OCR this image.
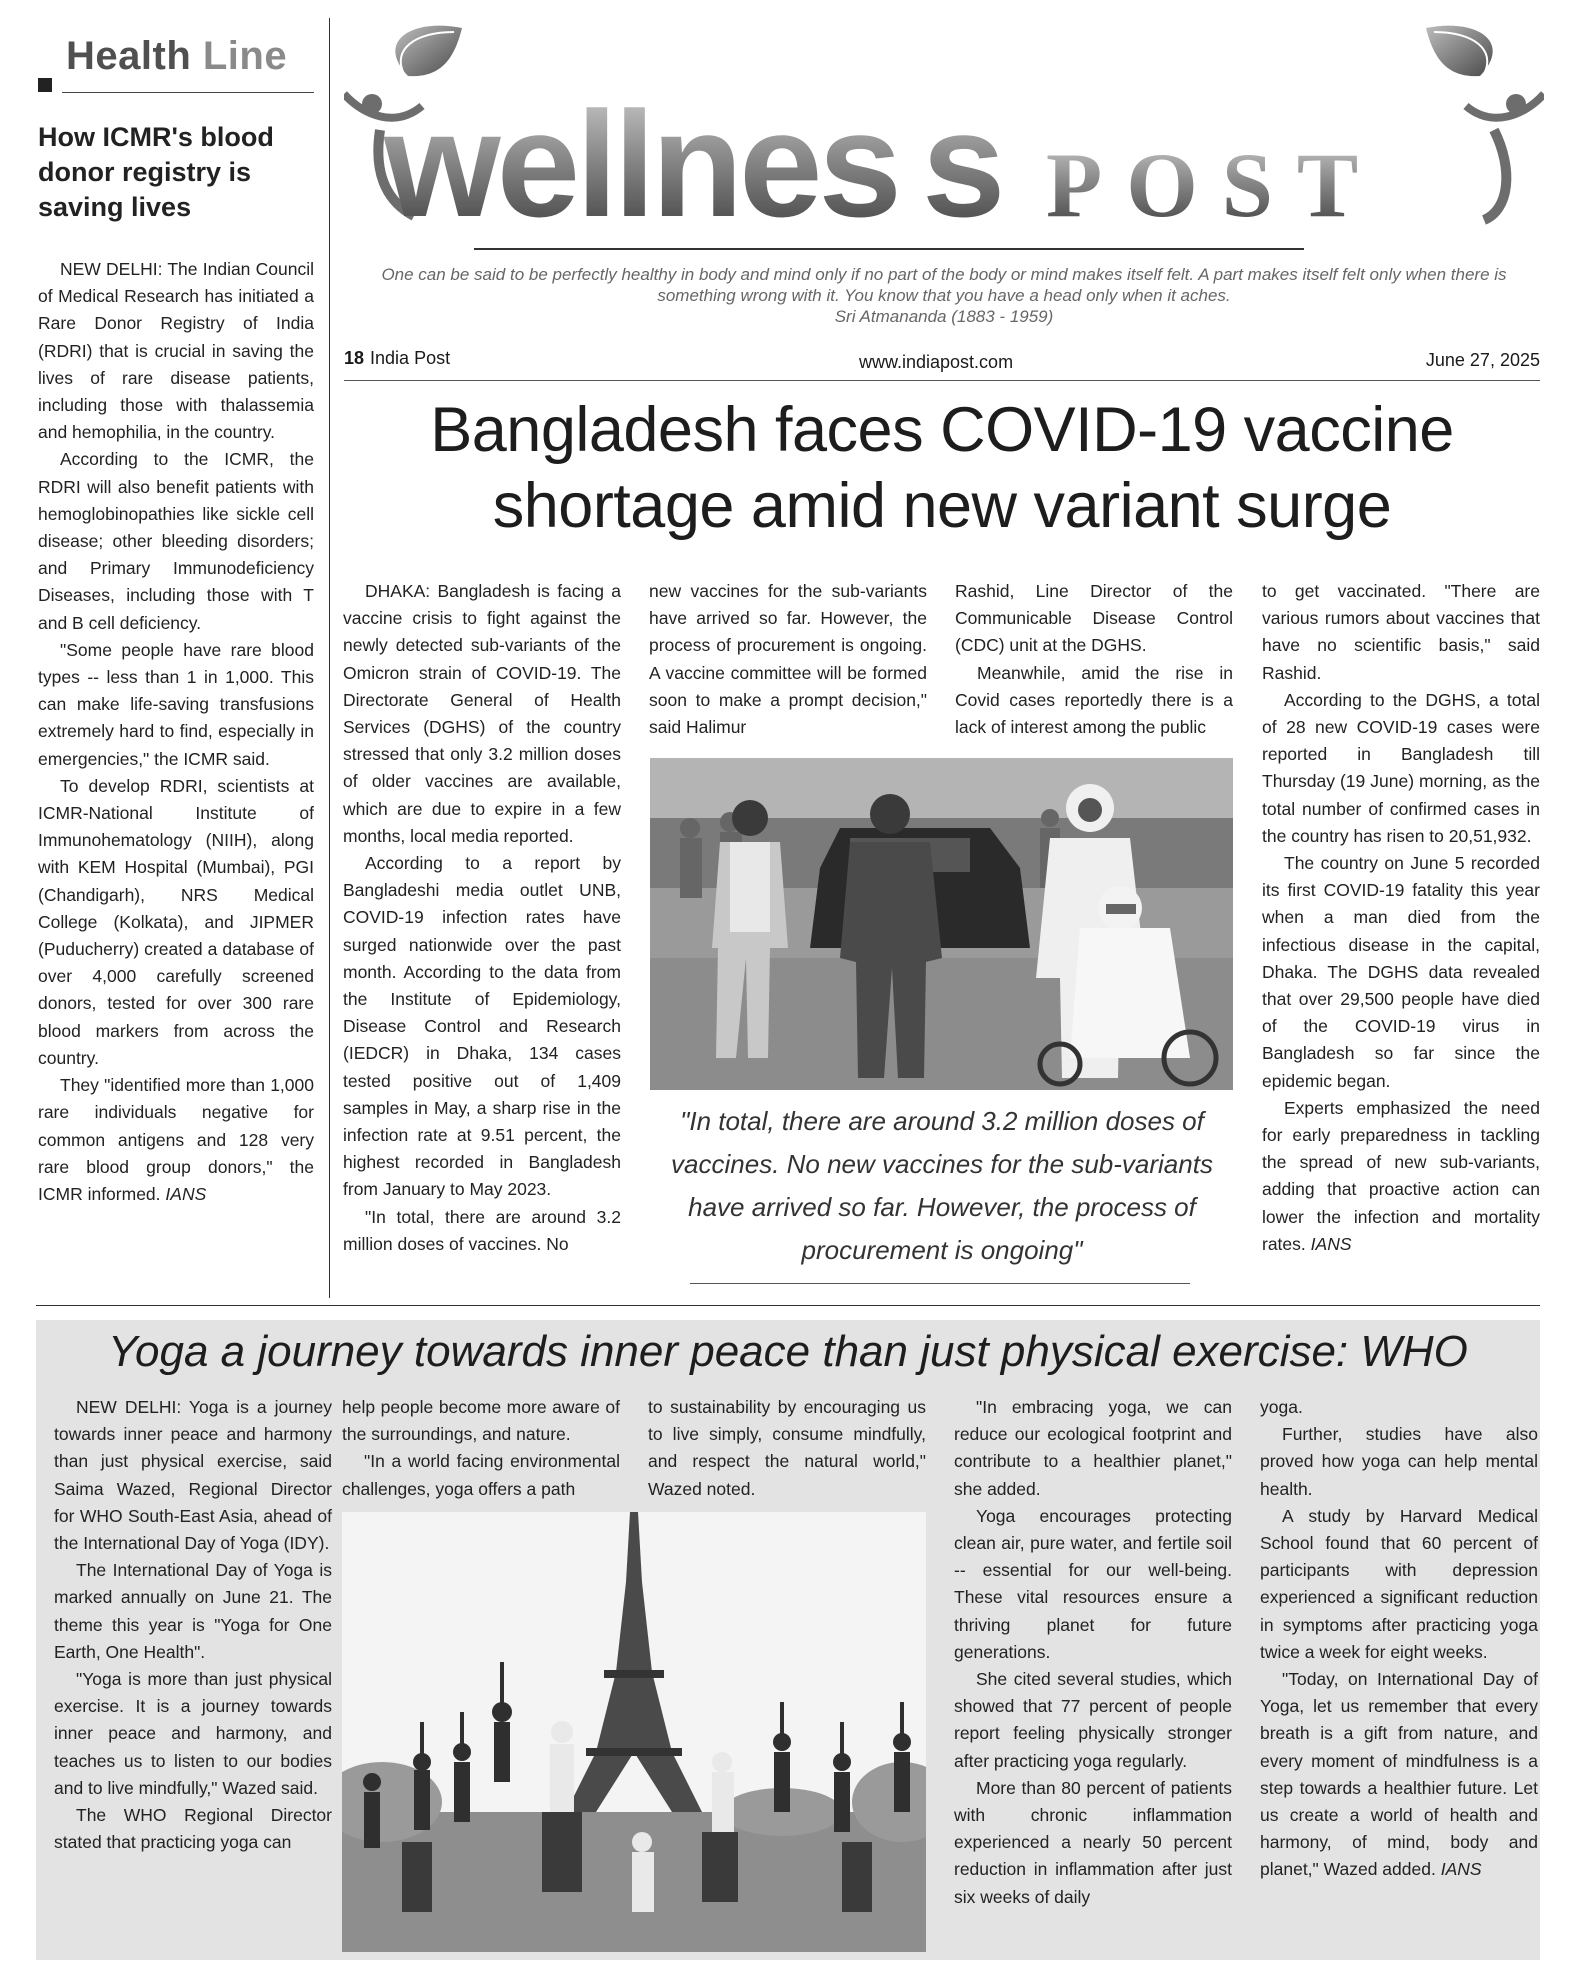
Health Line
How ICMR's blood donor registry is saving lives

NEW DELHI: The Indian Council of Medical Research has initiated a Rare Donor Registry of India (RDRI) that is crucial in saving the lives of rare disease patients, including those with thalassemia and hemophilia, in the country.

According to the ICMR, the RDRI will also benefit patients with hemoglobinopathies like sickle cell disease; other bleeding disorders; and Primary Immunodeficiency Diseases, including those with T and B cell deficiency.

"Some people have rare blood types -- less than 1 in 1,000. This can make life-saving transfusions extremely hard to find, especially in emergencies," the ICMR said.

To develop RDRI, scientists at ICMR-National Institute of Immunohematology (NIIH), along with KEM Hospital (Mumbai), PGI (Chandigarh), NRS Medical College (Kolkata), and JIPMER (Puducherry) created a database of over 4,000 carefully screened donors, tested for over 300 rare blood markers from across the country.

They "identified more than 1,000 rare individuals negative for common antigens and 128 very rare blood group donors," the ICMR informed. IANS

wellnes s POST
One can be said to be perfectly healthy in body and mind only if no part of the body or mind makes itself felt. A part makes itself felt only when there is something wrong with it. You know that you have a head only when it aches.
Sri Atmananda (1883 - 1959)
18 India Post	www.indiapost.com	June 27, 2025
Bangladesh faces COVID-19 vaccine
shortage amid new variant surge

DHAKA: Bangladesh is facing a vaccine crisis to fight against the newly detected sub-variants of the Omicron strain of COVID-19. The Directorate General of Health Services (DGHS) of the country stressed that only 3.2 million doses of older vaccines are available, which are due to expire in a few months, local media reported.

According to a report by Bangladeshi media outlet UNB, COVID-19 infection rates have surged nationwide over the past month. According to the data from the Institute of Epidemiology, Disease Control and Research (IEDCR) in Dhaka, 134 cases tested positive out of 1,409 samples in May, a sharp rise in the infection rate at 9.51 percent, the highest recorded in Bangladesh from January to May 2023.

"In total, there are around 3.2 million doses of vaccines. No

new vaccines for the sub-variants have arrived so far. However, the process of procurement is ongoing. A vaccine committee will be formed soon to make a prompt decision," said Halimur

Rashid, Line Director of the Communicable Disease Control (CDC) unit at the DGHS.

Meanwhile, amid the rise in Covid cases reportedly there is a lack of interest among the public

to get vaccinated. "There are various rumors about vaccines that have no scientific basis," said Rashid.

According to the DGHS, a total of 28 new COVID-19 cases were reported in Bangladesh till Thursday (19 June) morning, as the total number of confirmed cases in the country has risen to 20,51,932.

The country on June 5 recorded its first COVID-19 fatality this year when a man died from the infectious disease in the capital, Dhaka. The DGHS data revealed that over 29,500 people have died of the COVID-19 virus in Bangladesh so far since the epidemic began.

Experts emphasized the need for early preparedness in tackling the spread of new sub-variants, adding that proactive action can lower the infection and mortality rates. IANS

"In total, there are around 3.2 million doses of vaccines. No new vaccines for the sub-variants have arrived so far. However, the process of procurement is ongoing"
Yoga a journey towards inner peace than just physical exercise: WHO

NEW DELHI: Yoga is a journey towards inner peace and harmony than just physical exercise, said Saima Wazed, Regional Director for WHO South-East Asia, ahead of the International Day of Yoga (IDY).

The International Day of Yoga is marked annually on June 21. The theme this year is "Yoga for One Earth, One Health".

"Yoga is more than just physical exercise. It is a journey towards inner peace and harmony, and teaches us to listen to our bodies and to live mindfully," Wazed said.

The WHO Regional Director stated that practicing yoga can

help people become more aware of the surroundings, and nature.

"In a world facing environmental challenges, yoga offers a path

to sustainability by encouraging us to live simply, consume mindfully, and respect the natural world," Wazed noted.

"In embracing yoga, we can reduce our ecological footprint and contribute to a healthier planet," she added.

Yoga encourages protecting clean air, pure water, and fertile soil -- essential for our well-being. These vital resources ensure a thriving planet for future generations.

She cited several studies, which showed that 77 percent of people report feeling physically stronger after practicing yoga regularly.

More than 80 percent of patients with chronic inflammation experienced a nearly 50 percent reduction in inflammation after just six weeks of daily

yoga.

Further, studies have also proved how yoga can help mental health.

A study by Harvard Medical School found that 60 percent of participants with depression experienced a significant reduction in symptoms after practicing yoga twice a week for eight weeks.

"Today, on International Day of Yoga, let us remember that every breath is a gift from nature, and every moment of mindfulness is a step towards a healthier future. Let us create a world of health and harmony, of mind, body and planet," Wazed added. IANS
